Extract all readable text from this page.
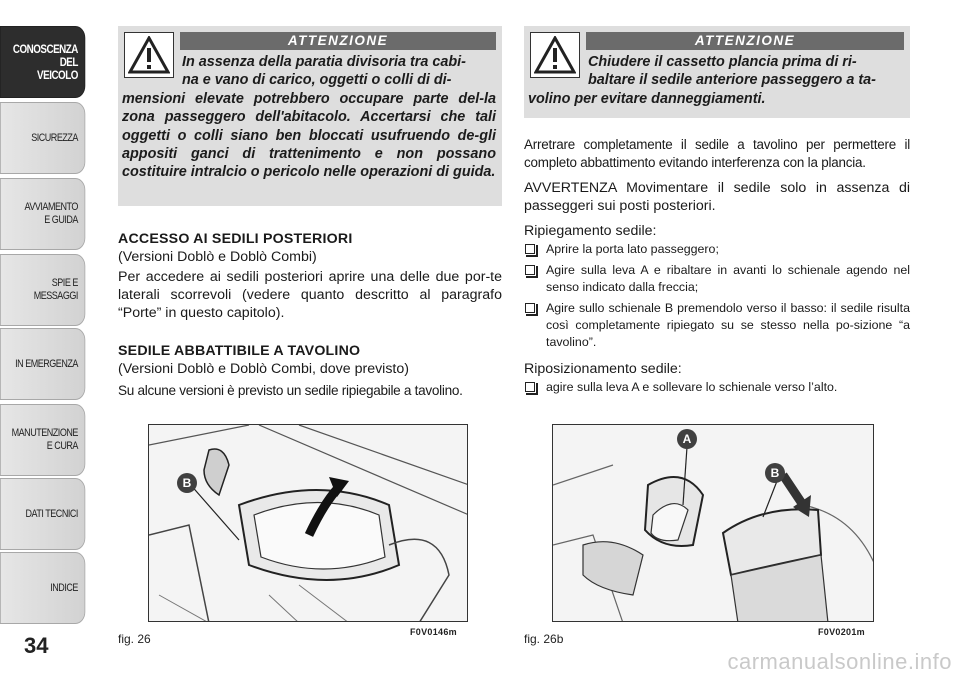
CONOSCENZA
DEL
VEICOLO
SICUREZZA
AVVIAMENTO
E GUIDA
SPIE E
MESSAGGI
IN EMERGENZA
MANUTENZIONE
E CURA
DATI TECNICI
INDICE
34
ATTENZIONE
In assenza della paratia divisoria tra cabi-
na e vano di carico, oggetti o colli di di-
mensioni elevate potrebbero occupare parte del-la zona passeggero dell'abitacolo. Accertarsi che tali oggetti o colli siano ben bloccati usufruendo de-gli appositi ganci di trattenimento e non possano costituire intralcio o pericolo nelle operazioni di guida.
ACCESSO AI SEDILI POSTERIORI
(Versioni Doblò e Doblò Combi)
Per accedere ai sedili posteriori aprire una delle due por-te laterali scorrevoli (vedere quanto descritto al paragrafo “Porte” in questo capitolo).
SEDILE ABBATTIBILE A TAVOLINO
(Versioni Doblò e Doblò Combi, dove previsto)
Su alcune versioni è previsto un sedile ripiegabile a tavolino.
B
fig. 26	F0V0146m
ATTENZIONE
Chiudere il cassetto plancia prima di ri-
baltare il sedile anteriore passeggero a ta-
volino per evitare danneggiamenti.
Arretrare completamente il sedile a tavolino per permettere il completo abbattimento evitando interferenza con la plancia.
AVVERTENZA Movimentare il sedile solo in assenza di passeggeri sui posti posteriori.
Ripiegamento sedile:
Aprire la porta lato passeggero;
Agire sulla leva A e ribaltare in avanti lo schienale agendo nel senso indicato dalla freccia;
Agire sullo schienale B premendolo verso il basso: il sedile risulta così completamente ripiegato su se stesso nella po-sizione “a tavolino”.
Riposizionamento sedile:
agire sulla leva A e sollevare lo schienale verso l’alto.
A
B
fig. 26b	F0V0201m
carmanualsonline.info
